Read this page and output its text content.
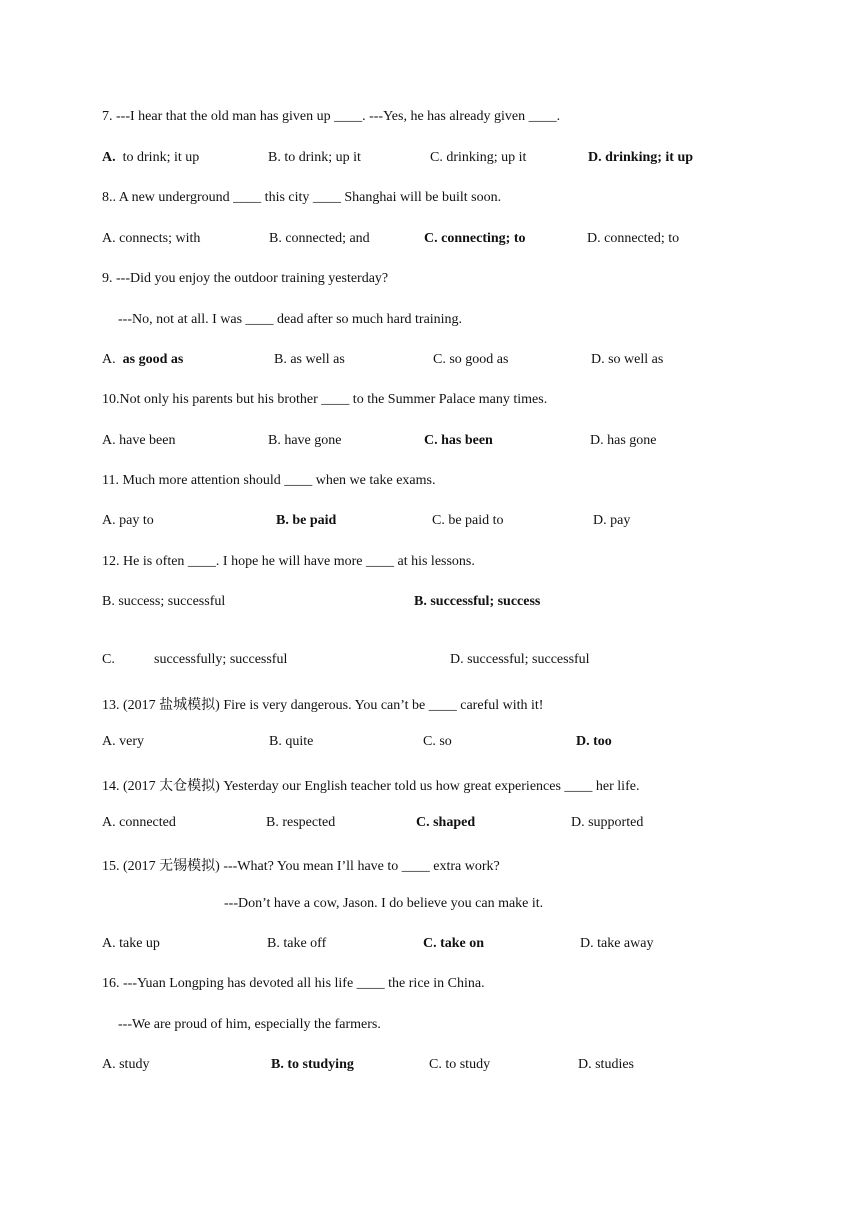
7. ---I hear that the old man has given up ____. ---Yes, he has already given ____.
A. to drink; it up	B. to drink; up it	C. drinking; up it	D. drinking; it up
8.. A new underground ____ this city ____ Shanghai will be built soon.
A. connects; with	B. connected; and	C. connecting; to	D. connected; to
9. ---Did you enjoy the outdoor training yesterday?
---No, not at all. I was ____ dead after so much hard training.
A. as good as	B. as well as	C. so good as	D. so well as
10.Not only his parents but his brother ____ to the Summer Palace many times.
A. have been	B. have gone	C. has been	D. has gone
11. Much more attention should ____ when we take exams.
A. pay to	B. be paid	C. be paid to	D. pay
12. He is often ____. I hope he will have more ____ at his lessons.
B. success; successful	B. successful; success
C.	successfully; successful	D. successful; successful
13. (2017 盐城模拟) Fire is very dangerous. You can’t be ____ careful with it!
A. very	B. quite	C. so	D. too
14. (2017 太仓模拟) Yesterday our English teacher told us how great experiences ____ her life.
A. connected	B. respected	C. shaped	D. supported
15. (2017 无锡模拟) ---What? You mean I’ll have to ____ extra work?
---Don’t have a cow, Jason. I do believe you can make it.
A. take up	B. take off	C. take on	D. take away
16. ---Yuan Longping has devoted all his life ____ the rice in China.
---We are proud of him, especially the farmers.
A. study	B. to studying	C. to study	D. studies
